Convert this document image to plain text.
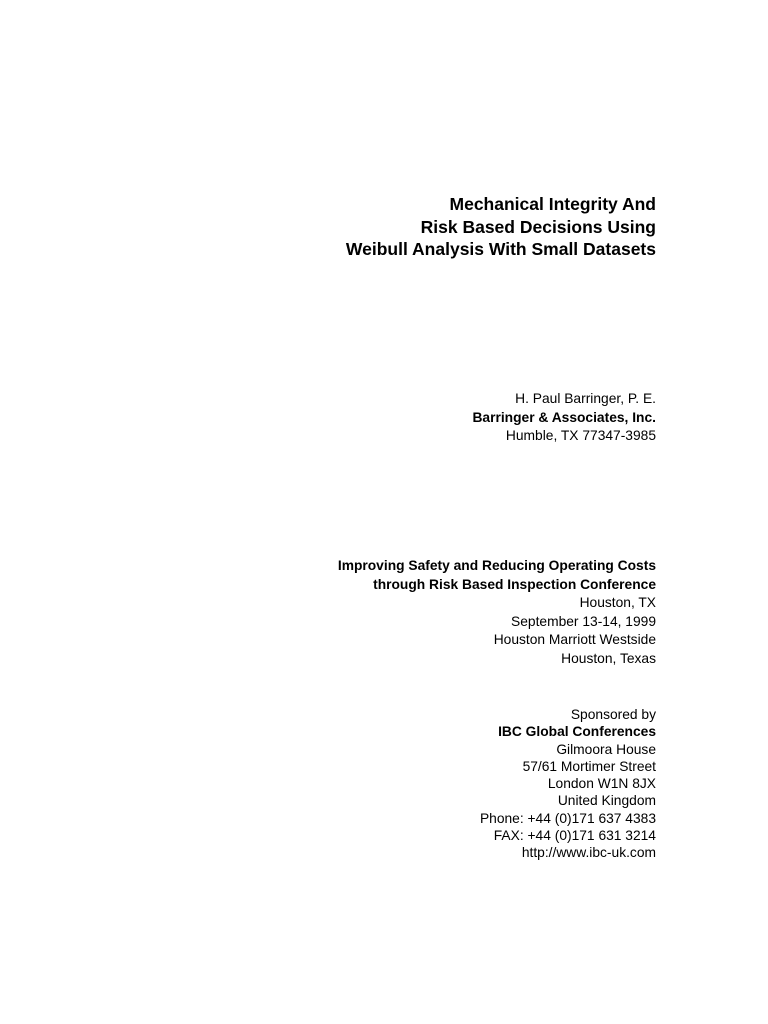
Mechanical Integrity And
Risk Based Decisions Using
Weibull Analysis With Small Datasets
H. Paul Barringer, P. E.
Barringer & Associates, Inc.
Humble, TX 77347-3985
Improving Safety and Reducing Operating Costs
through Risk Based Inspection Conference
Houston, TX
September 13-14, 1999
Houston Marriott Westside
Houston, Texas
Sponsored by
IBC Global Conferences
Gilmoora House
57/61 Mortimer Street
London W1N 8JX
United Kingdom
Phone: +44 (0)171 637 4383
FAX: +44 (0)171 631 3214
http://www.ibc-uk.com
